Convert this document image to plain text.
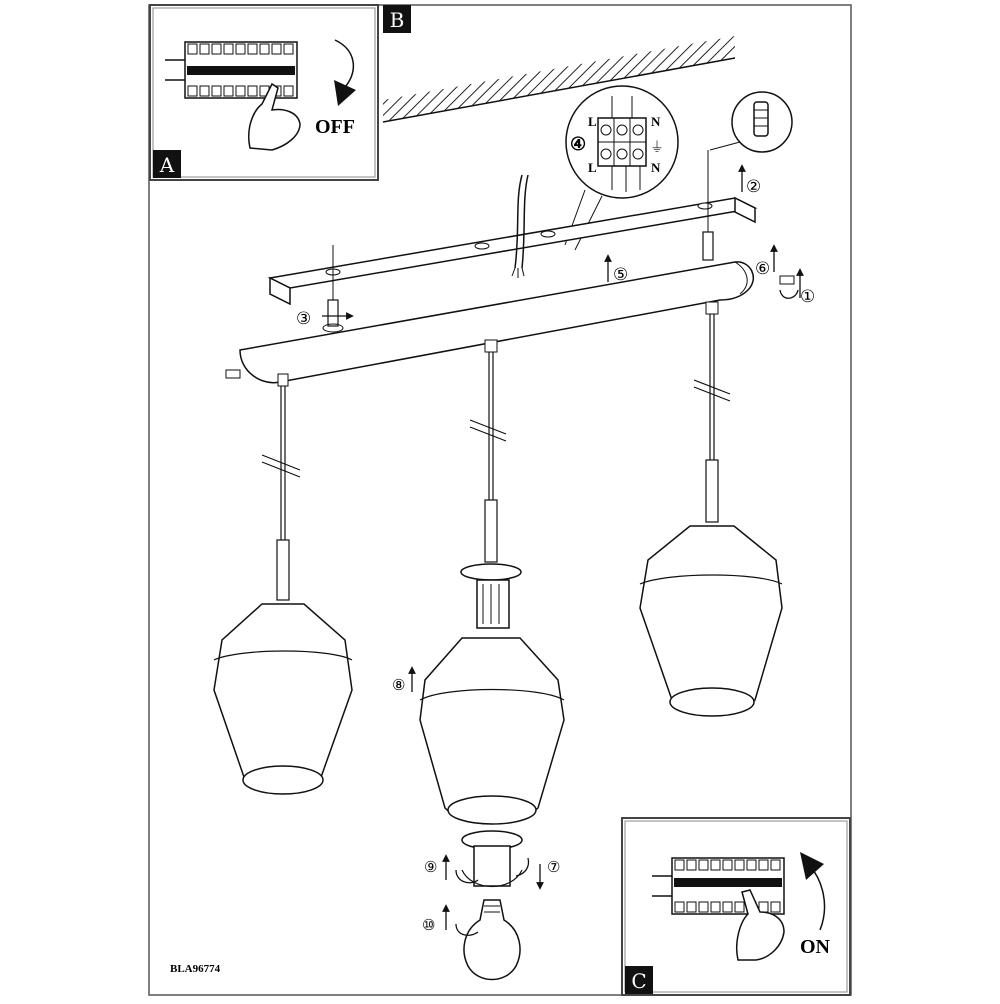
OFF
A
B
ON
C
L	N
L	N
⏚
④
①
②
③
⑤	⑥
⑦
⑧
⑨
⑩
BLA96774
